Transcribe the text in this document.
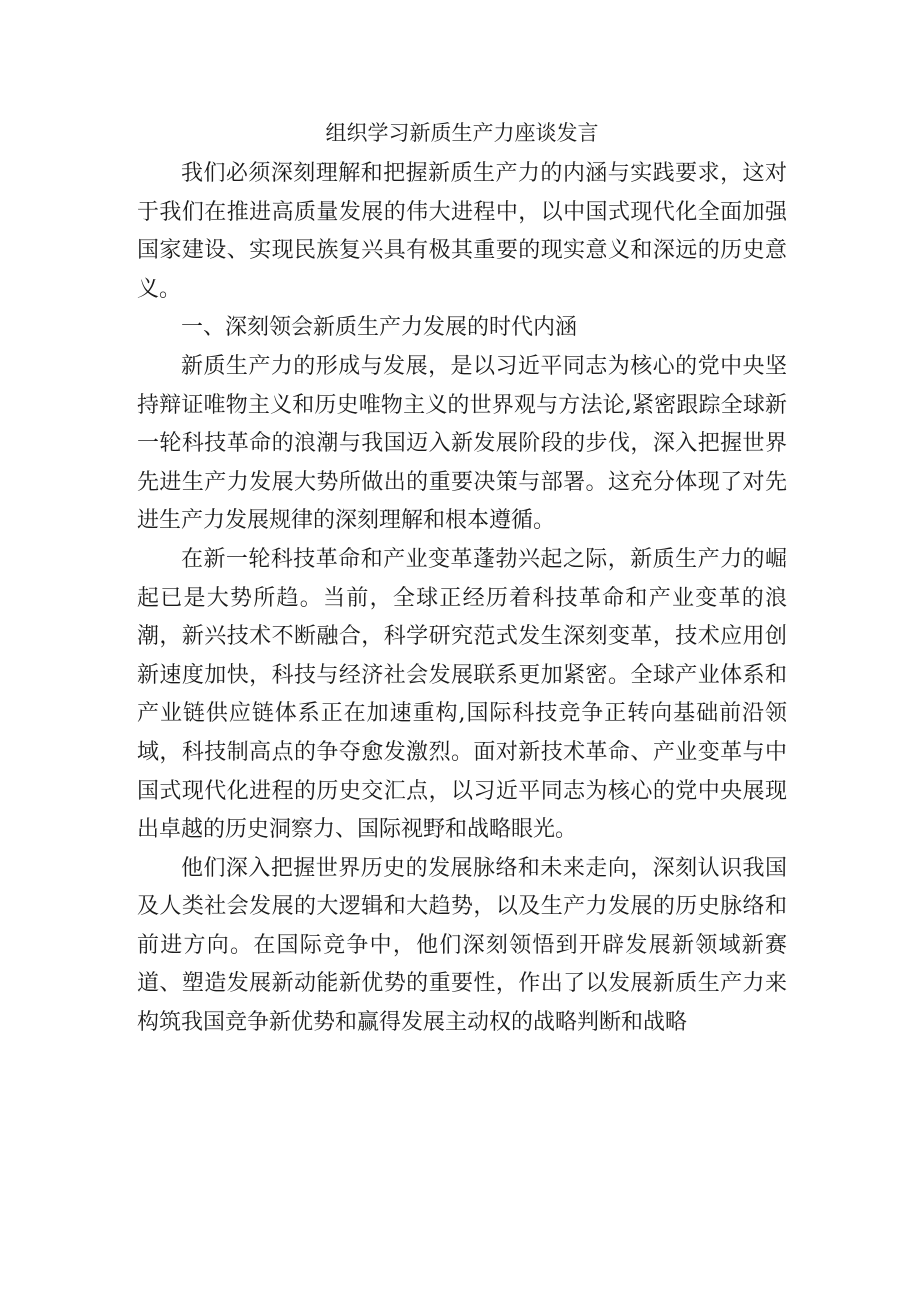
组织学习新质生产力座谈发言

我们必须深刻理解和把握新质生产力的内涵与实践要求，这对于我们在推进高质量发展的伟大进程中，以中国式现代化全面加强国家建设、实现民族复兴具有极其重要的现实意义和深远的历史意义。

一、深刻领会新质生产力发展的时代内涵

新质生产力的形成与发展，是以习近平同志为核心的党中央坚持辩证唯物主义和历史唯物主义的世界观与方法论,紧密跟踪全球新一轮科技革命的浪潮与我国迈入新发展阶段的步伐，深入把握世界先进生产力发展大势所做出的重要决策与部署。这充分体现了对先进生产力发展规律的深刻理解和根本遵循。

在新一轮科技革命和产业变革蓬勃兴起之际，新质生产力的崛起已是大势所趋。当前，全球正经历着科技革命和产业变革的浪潮，新兴技术不断融合，科学研究范式发生深刻变革，技术应用创新速度加快，科技与经济社会发展联系更加紧密。全球产业体系和产业链供应链体系正在加速重构,国际科技竞争正转向基础前沿领域，科技制高点的争夺愈发激烈。面对新技术革命、产业变革与中国式现代化进程的历史交汇点，以习近平同志为核心的党中央展现出卓越的历史洞察力、国际视野和战略眼光。

他们深入把握世界历史的发展脉络和未来走向，深刻认识我国及人类社会发展的大逻辑和大趋势，以及生产力发展的历史脉络和前进方向。在国际竞争中，他们深刻领悟到开辟发展新领域新赛道、塑造发展新动能新优势的重要性，作出了以发展新质生产力来构筑我国竞争新优势和赢得发展主动权的战略判断和战略
